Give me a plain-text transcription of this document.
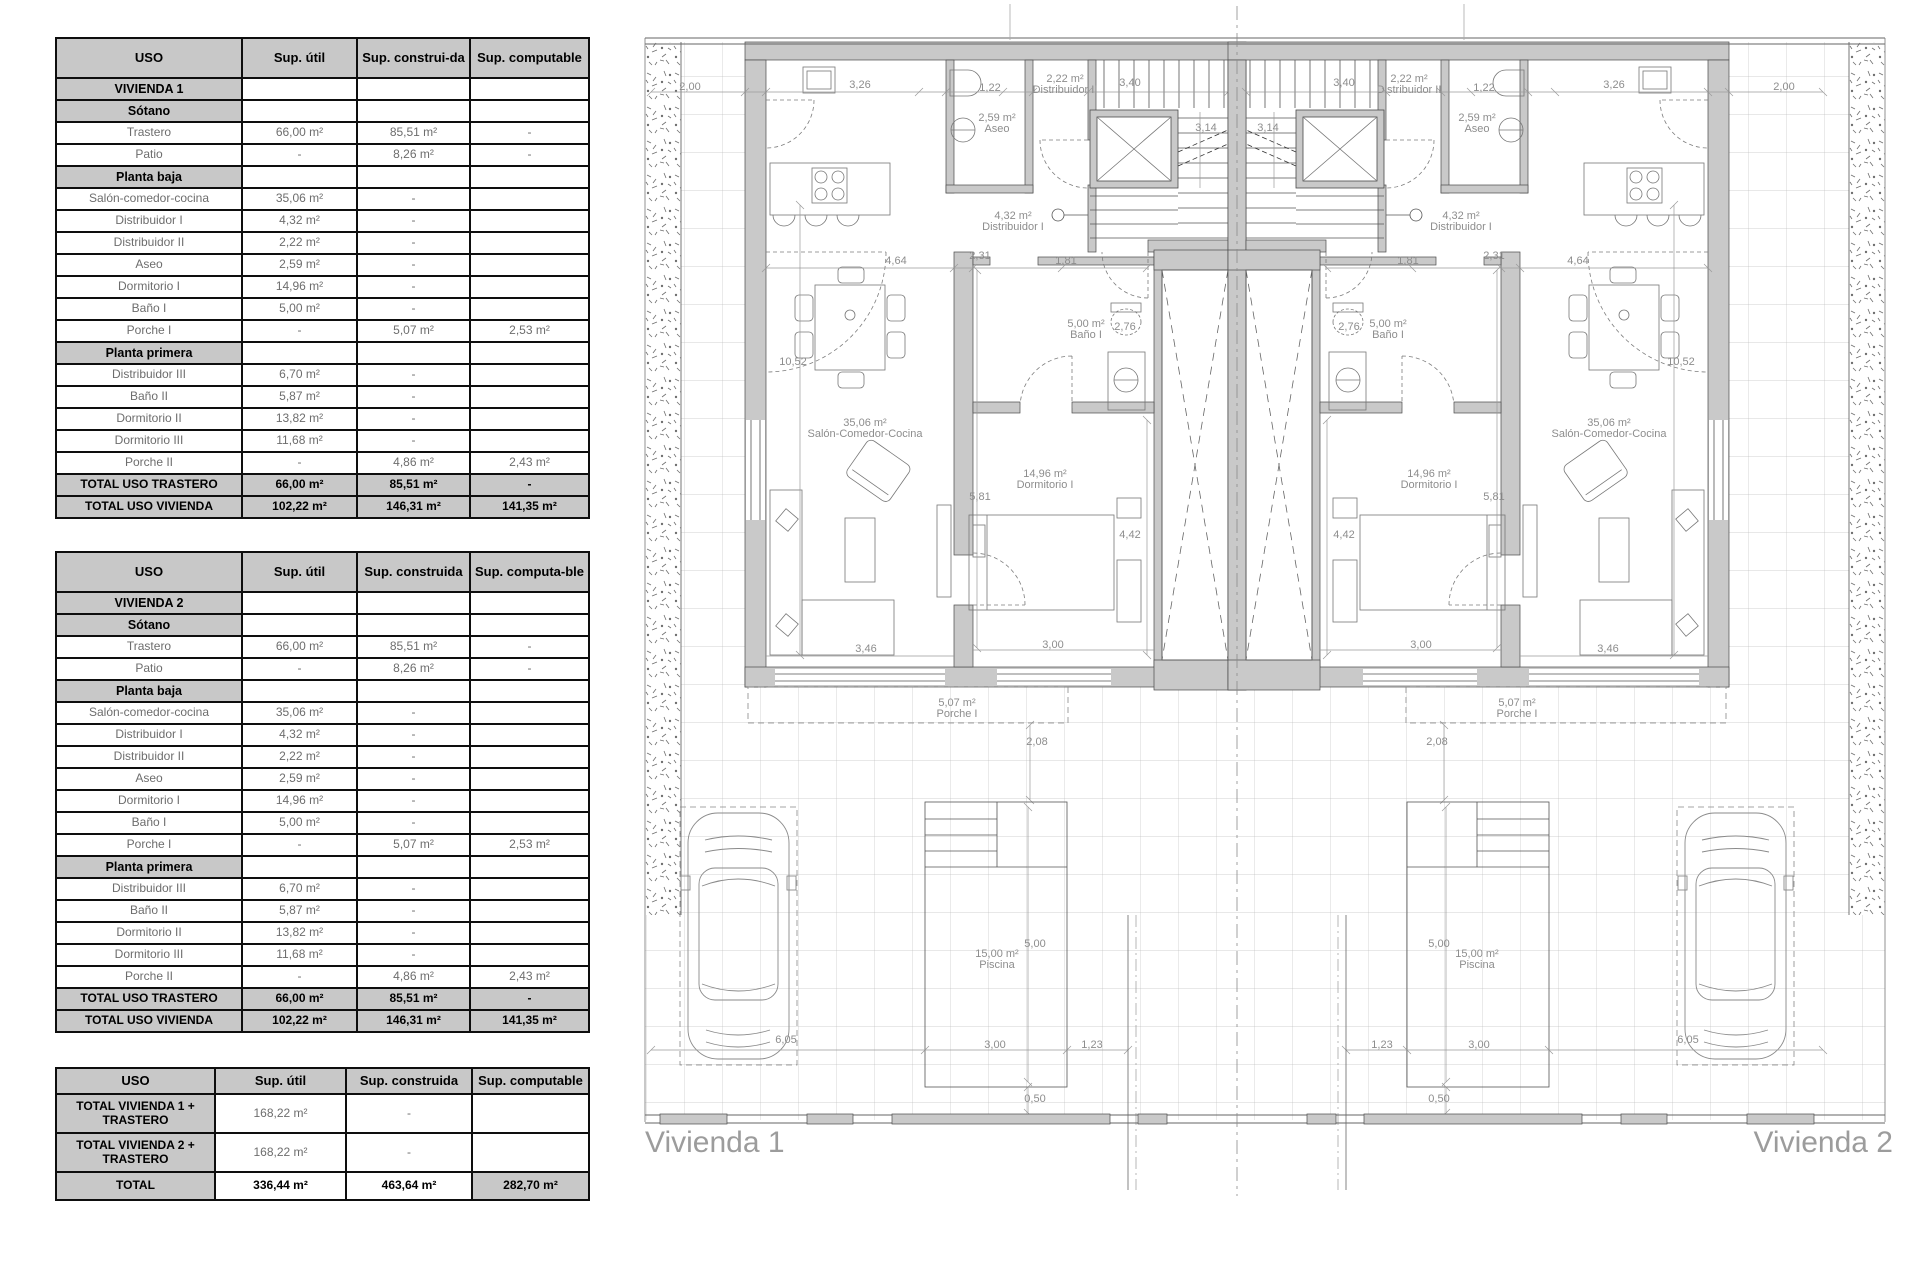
USO	Sup. útil	Sup. construi-da	Sup. computable
VIVIENDA 1			
Sótano			
Trastero	66,00 m²	85,51 m²	-
Patio	-	8,26 m²	-
Planta baja			
Salón-comedor-cocina	35,06 m²	-	
Distribuidor I	4,32 m²	-	
Distribuidor II	2,22 m²	-	
Aseo	2,59 m²	-	
Dormitorio I	14,96 m²	-	
Baño I	5,00 m²	-	
Porche I	-	5,07 m²	2,53 m²
Planta primera			
Distribuidor III	6,70 m²	-	
Baño II	5,87 m²	-	
Dormitorio II	13,82 m²	-	
Dormitorio III	11,68 m²	-	
Porche II	-	4,86 m²	2,43 m²
TOTAL USO TRASTERO	66,00 m²	85,51 m²	-
TOTAL USO VIVIENDA	102,22 m²	146,31 m²	141,35 m²
USO	Sup. útil	Sup. construida	Sup. computa-ble
VIVIENDA 2			
Sótano			
Trastero	66,00 m²	85,51 m²	-
Patio	-	8,26 m²	-
Planta baja			
Salón-comedor-cocina	35,06 m²	-	
Distribuidor I	4,32 m²	-	
Distribuidor II	2,22 m²	-	
Aseo	2,59 m²	-	
Dormitorio I	14,96 m²	-	
Baño I	5,00 m²	-	
Porche I	-	5,07 m²	2,53 m²
Planta primera			
Distribuidor III	6,70 m²	-	
Baño II	5,87 m²	-	
Dormitorio II	13,82 m²	-	
Dormitorio III	11,68 m²	-	
Porche II	-	4,86 m²	2,43 m²
TOTAL USO TRASTERO	66,00 m²	85,51 m²	-
TOTAL USO VIVIENDA	102,22 m²	146,31 m²	141,35 m²
USO	Sup. útil	Sup. construida	Sup. computable
TOTAL VIVIENDA 1 + TRASTERO	168,22 m²	-	
TOTAL VIVIENDA 2 + TRASTERO	168,22 m²	-	
TOTAL	336,44 m²	463,64 m²	282,70 m²
2,00	3,26	1,22
2,22 m² Distribuidor II
3,40
3,14
2,59 m² Aseo
4,32 m² Distribuidor I
4,64	2,31	1,81
2,76
5,00 m² Baño I
10,52
35,06 m² Salón-Comedor-Cocina
14,96 m² Dormitorio I
5,81
4,42
3,00
3,46
5,07 m² Porche I
2,08
15,00 m² Piscina
5,00
3,00	1,23
0,50
6,05
2,00
3,26
1,22
2,22 m² Distribuidor II
3,40
3,14
2,59 m² Aseo
4,32 m² Distribuidor I
4,64
2,31
1,81
2,76 5,00 m² Baño I
10,52
35,06 m² Salón-Comedor-Cocina
14,96 m² Dormitorio I
5,81
4,42
3,00	3,46
5,07 m² Porche I
2,08
15,00 m² Piscina
5,00
3,00
1,23
0,50
6,05
Vivienda 1	Vivienda 2
